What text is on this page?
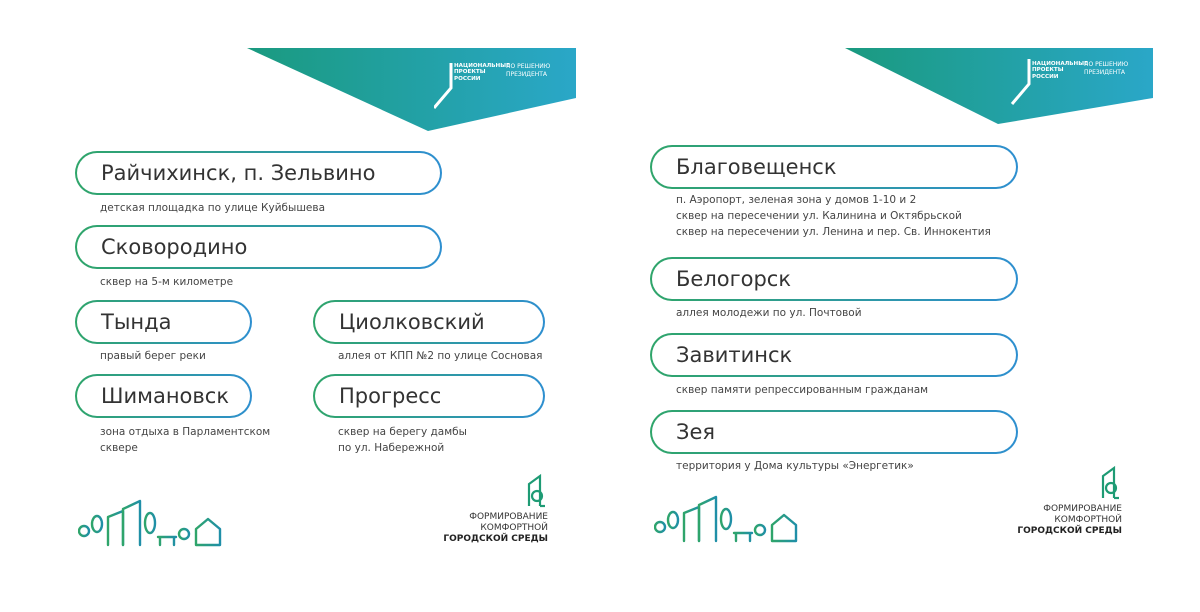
НАЦИОНАЛЬНЫЕ
ПРОЕКТЫ
РОССИИ
ПО РЕШЕНИЮ
ПРЕЗИДЕНТА
Райчихинск, п. Зельвино
детская площадка по улице Куйбышева
Сковородино
сквер на 5-м километре
Тында
правый берег реки
Циолковский
аллея от КПП №2 по улице Сосновая
Шимановск
зона отдыха в Парламентском
сквере
Прогресс
сквер на берегу дамбы
по ул. Набережной
ФОРМИРОВАНИЕ
КОМФОРТНОЙ
ГОРОДСКОЙ СРЕДЫ
НАЦИОНАЛЬНЫЕ
ПРОЕКТЫ
РОССИИ
ПО РЕШЕНИЮ
ПРЕЗИДЕНТА
Благовещенск
п. Аэропорт, зеленая зона у домов 1-10 и 2
сквер на пересечении ул. Калинина и Октябрьской
сквер на пересечении ул. Ленина и пер. Св. Иннокентия
Белогорск
аллея молодежи по ул. Почтовой
Завитинск
сквер памяти репрессированным гражданам
Зея
территория у Дома культуры «Энергетик»
ФОРМИРОВАНИЕ
КОМФОРТНОЙ
ГОРОДСКОЙ СРЕДЫ
